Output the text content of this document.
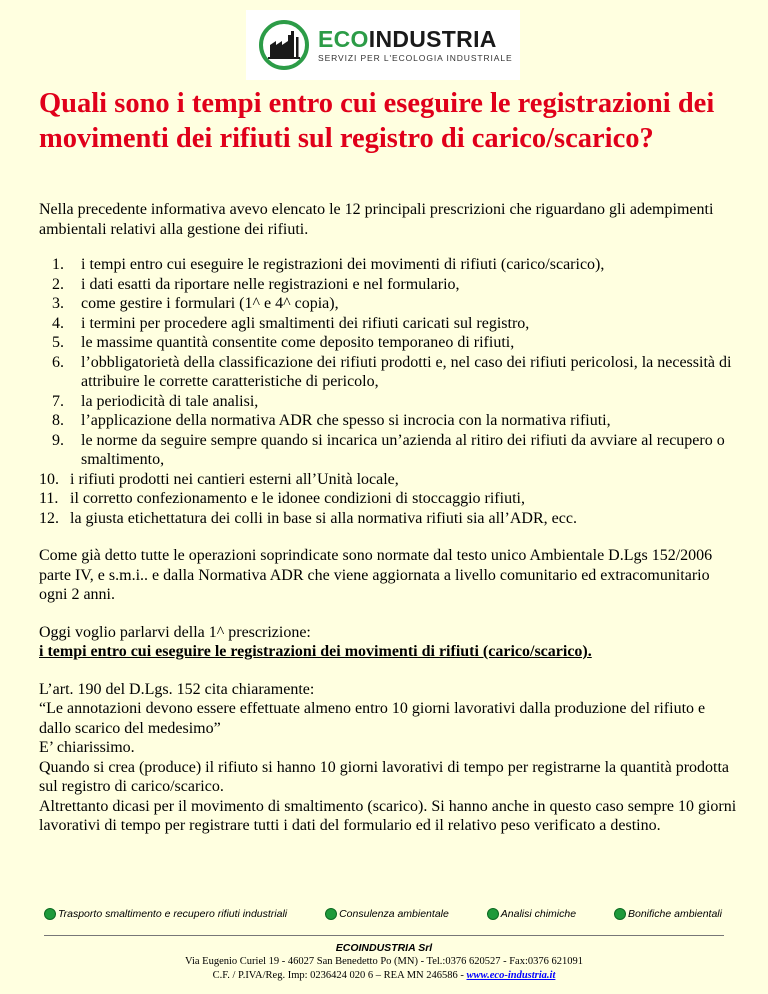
ECOINDUSTRIA
SERVIZI PER L'ECOLOGIA INDUSTRIALE
Quali sono i tempi entro cui eseguire le registrazioni dei movimenti dei rifiuti sul registro di carico/scarico?

Nella precedente informativa avevo elencato le 12 principali prescrizioni che riguardano gli adempimenti ambientali relativi alla gestione dei rifiuti.

1. i tempi entro cui eseguire le registrazioni dei movimenti di rifiuti (carico/scarico),
2. i dati esatti da riportare nelle registrazioni e nel formulario,
3. come gestire i formulari (1^ e 4^ copia),
4. i termini per procedere agli smaltimenti dei rifiuti caricati sul registro,
5. le massime quantità consentite come deposito temporaneo di rifiuti,
6. l’obbligatorietà della classificazione dei rifiuti prodotti e, nel caso dei rifiuti pericolosi, la necessità di attribuire le corrette caratteristiche di pericolo,
7. la periodicità di tale analisi,
8. l’applicazione della normativa ADR che spesso si incrocia con la normativa rifiuti,
9. le norme da seguire sempre quando si incarica un’azienda al ritiro dei rifiuti da avviare al recupero o smaltimento,
10. i rifiuti prodotti nei cantieri esterni all’Unità locale,
11. il corretto confezionamento e le idonee condizioni di stoccaggio rifiuti,
12. la giusta etichettatura dei colli in base si alla normativa rifiuti sia all’ADR, ecc.

Come già detto tutte le operazioni soprindicate sono normate dal testo unico Ambientale D.Lgs 152/2006 parte IV, e s.m.i.. e dalla Normativa ADR che viene aggiornata a livello comunitario ed extracomunitario ogni 2 anni.

Oggi voglio parlarvi della 1^ prescrizione:

i tempi entro cui eseguire le registrazioni dei movimenti di rifiuti (carico/scarico).

L’art. 190 del D.Lgs. 152 cita chiaramente:

“Le annotazioni devono essere effettuate almeno entro 10 giorni lavorativi dalla produzione del rifiuto e dallo scarico del medesimo”

E’ chiarissimo.

Quando si crea (produce) il rifiuto si hanno 10 giorni lavorativi di tempo per registrarne la quantità prodotta sul registro di carico/scarico.

Altrettanto dicasi per il movimento di smaltimento (scarico). Si hanno anche in questo caso sempre 10 giorni lavorativi di tempo per registrare tutti i dati del formulario ed il relativo peso verificato a destino.

Trasporto smaltimento e recupero rifiuti industriali	Consulenza ambientale	Analisi chimiche	Bonifiche ambientali
ECOINDUSTRIA Srl
Via Eugenio Curiel 19 - 46027 San Benedetto Po (MN) - Tel.:0376 620527 - Fax:0376 621091
C.F. / P.IVA/Reg. Imp: 0236424 020 6 – REA MN 246586 - www.eco-industria.it
